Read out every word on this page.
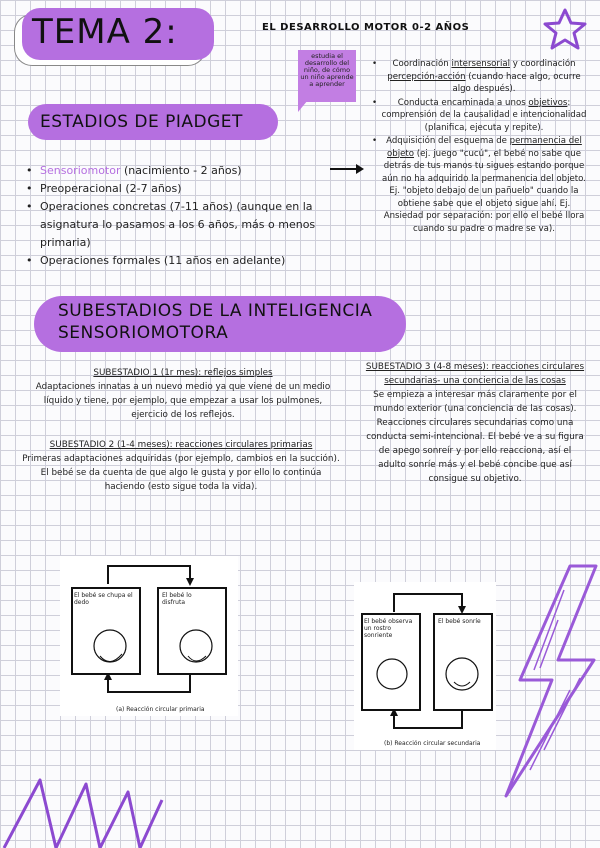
TEMA 2:	EL DESARROLLO MOTOR 0-2 AÑOS
estudia el
desarrollo del
niño, de cómo
un niño aprende
a aprender
ESTADIOS DE PIADGET
• Sensoriomotor (nacimiento - 2 años)
• Preoperacional (2-7 años)
• Operaciones concretas (7-11 años) (aunque en la asignatura lo pasamos a los 6 años, más o menos primaria)
• Operaciones formales (11 años en adelante)
• Coordinación intersensorial y coordinación percepción-acción (cuando hace algo, ocurre algo después).
• Conducta encaminada a unos objetivos: comprensión de la causalidad e intencionalidad (planifica, ejecuta y repite).
• Adquisición del esquema de permanencia del objeto (ej. juego "cucú", el bebé no sabe que detrás de tus manos tu sigues estando porque aún no ha adquirido la permanencia del objeto. Ej. "objeto debajo de un pañuelo" cuando la obtiene sabe que el objeto sigue ahí. Ej. Ansiedad por separación: por ello el bebé llora cuando su padre o madre se va).
SUBESTADIOS DE LA INTELIGENCIA
SENSORIOMOTORA
SUBESTADIO 1 (1r mes): reflejos simples
Adaptaciones innatas a un nuevo medio ya que viene de un medio líquido y tiene, por ejemplo, que empezar a usar los pulmones, ejercicio de los reflejos.
SUBESTADIO 2 (1-4 meses): reacciones circulares primarias
Primeras adaptaciones adquiridas (por ejemplo, cambios en la succión). El bebé se da cuenta de que algo le gusta y por ello lo continúa haciendo (esto sigue toda la vida).
SUBESTADIO 3 (4-8 meses): reacciones circulares secundarias- una conciencia de las cosas
Se empieza a interesar más claramente por el mundo exterior (una conciencia de las cosas). Reacciones circulares secundarias como una conducta semi-intencional. El bebé ve a su figura de apego sonreír y por ello reacciona, así el adulto sonríe más y el bebé concibe que así consigue su objetivo.
El bebé se chupa el dedo
El bebé lo disfruta
(a) Reacción circular primaria
El bebé observa un rostro sonriente
El bebé sonríe
(b) Reacción circular secundaria
